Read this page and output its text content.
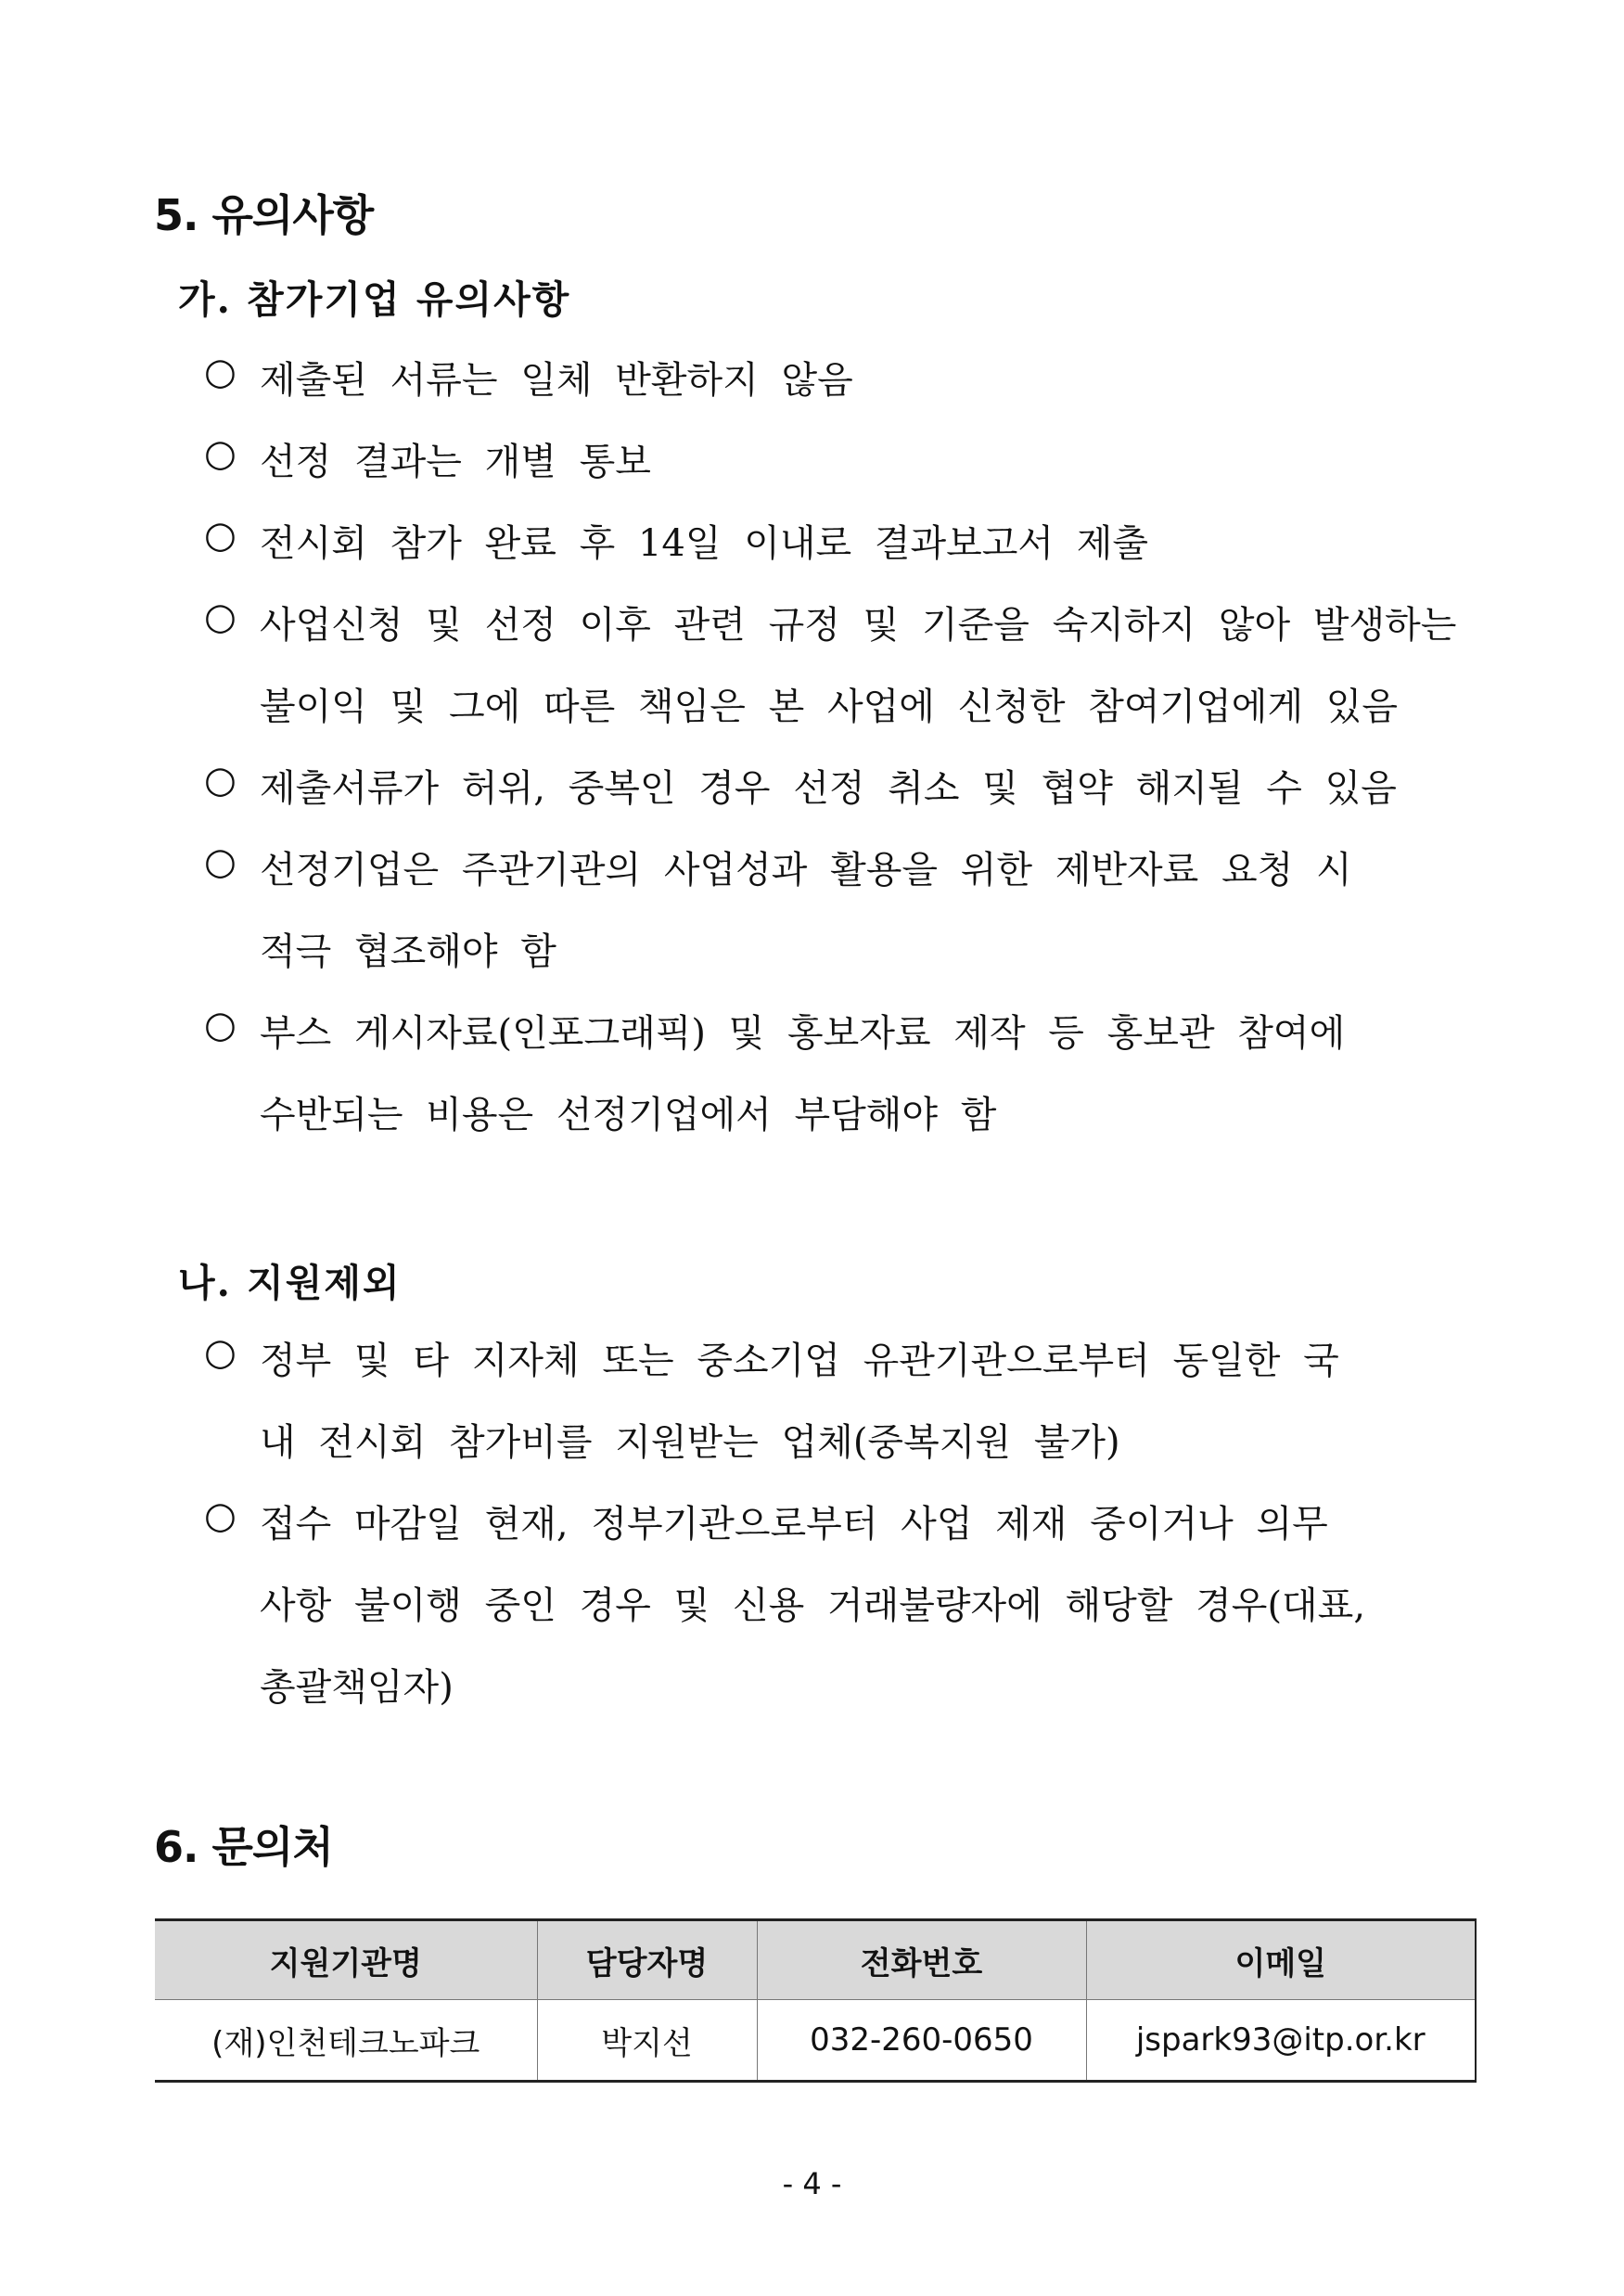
5. 유의사항
가. 참가기업 유의사항
○ 제출된 서류는 일체 반환하지 않음
○ 선정 결과는 개별 통보
○ 전시회 참가 완료 후 14일 이내로 결과보고서 제출
○ 사업신청 및 선정 이후 관련 규정 및 기준을 숙지하지 않아 발생하는
불이익 및 그에 따른 책임은 본 사업에 신청한 참여기업에게 있음
○ 제출서류가 허위, 중복인 경우 선정 취소 및 협약 해지될 수 있음
○ 선정기업은 주관기관의 사업성과 활용을 위한 제반자료 요청 시
적극 협조해야 함
○ 부스 게시자료(인포그래픽) 및 홍보자료 제작 등 홍보관 참여에
수반되는 비용은 선정기업에서 부담해야 함
나. 지원제외
○ 정부 및 타 지자체 또는 중소기업 유관기관으로부터 동일한 국
내 전시회 참가비를 지원받는 업체(중복지원 불가)
○ 접수 마감일 현재, 정부기관으로부터 사업 제재 중이거나 의무
사항 불이행 중인 경우 및 신용 거래불량자에 해당할 경우(대표,
총괄책임자)
6. 문의처
지원기관명	담당자명	전화번호	이메일
(재)인천테크노파크	박지선	032-260-0650	jspark93@itp.or.kr
- 4 -
